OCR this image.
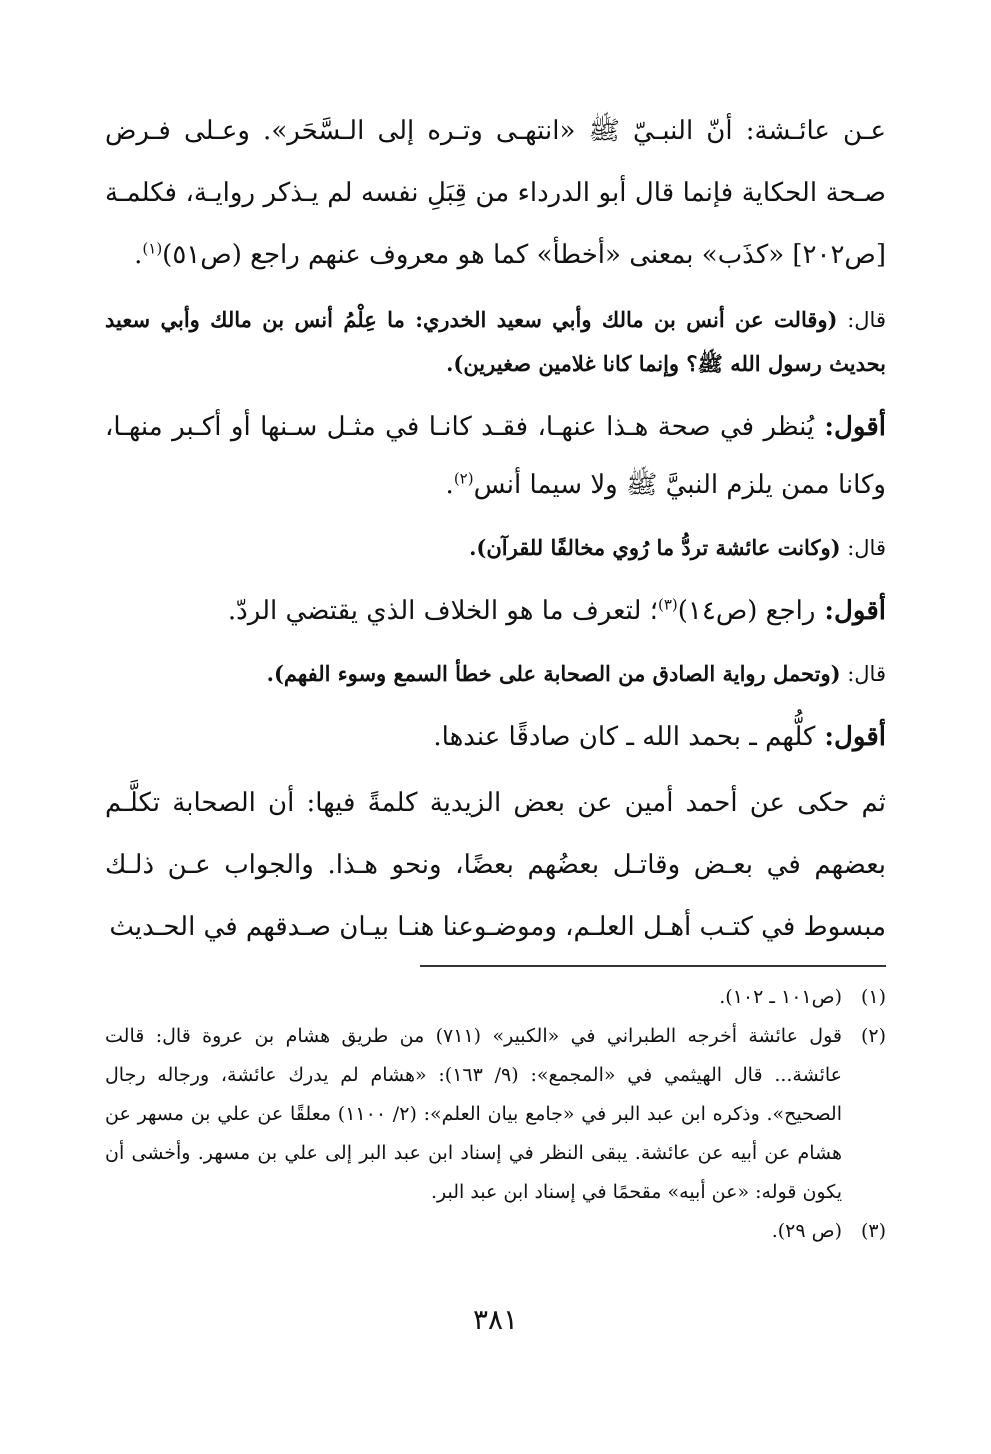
عـن عائـشة: أنّ النبـيّ ﷺ «انتهـى وتـره إلى الـسَّحَر». وعـلى فـرض صـحة الحكاية فإنما قال أبو الدرداء من قِبَلِ نفسه لم يـذكر روايـة، فكلمـة [ص٢٠٢] «كذَب» بمعنى «أخطأ» كما هو معروف عنهم راجع (ص٥١)$^{(١)}$.

قال: (وقالت عن أنس بن مالك وأبي سعيد الخدري: ما عِلْمُ أنس بن مالك وأبي سعيد بحديث رسول الله ﷺ؟ وإنما كانا غلامين صغيرين).

أقول: يُنظر في صحة هـذا عنهـا، فقـد كانـا في مثـل سـنها أو أكـبر منهـا، وكانا ممن يلزم النبيَّ ﷺ ولا سيما أنس$^{(٢)}$.

قال: (وكانت عائشة تردُّ ما رُوي مخالفًا للقرآن).

أقول: راجع (ص١٤)$^{(٣)}$؛ لتعرف ما هو الخلاف الذي يقتضي الردّ.

قال: (وتحمل رواية الصادق من الصحابة على خطأ السمع وسوء الفهم).

أقول: كلُّهم ـ بحمد الله ـ كان صادقًا عندها.

ثم حكى عن أحمد أمين عن بعض الزيدية كلمةً فيها: أن الصحابة تكلَّـم بعضهم في بعـض وقاتـل بعضُهم بعضًا، ونحو هـذا. والجواب عـن ذلـك مبسوط في كتـب أهـل العلـم، وموضـوعنا هنـا بيـان صـدقهم في الحـديث

(١)
(ص١٠١ ـ ١٠٢).
(٢)
قول عائشة أخرجه الطبراني في «الكبير» (٧١١) من طريق هشام بن عروة قال: قالت عائشة... قال الهيثمي في «المجمع»: (٩/ ١٦٣): «هشام لم يدرك عائشة، ورجاله رجال الصحيح». وذكره ابن عبد البر في «جامع بيان العلم»: (٢/ ١١٠٠) معلقًا عن علي بن مسهر عن هشام عن أبيه عن عائشة. يبقى النظر في إسناد ابن عبد البر إلى علي بن مسهر. وأخشى أن يكون قوله: «عن أبيه» مقحمًا في إسناد ابن عبد البر.
(٣)
(ص ٢٩).
٣٨١
